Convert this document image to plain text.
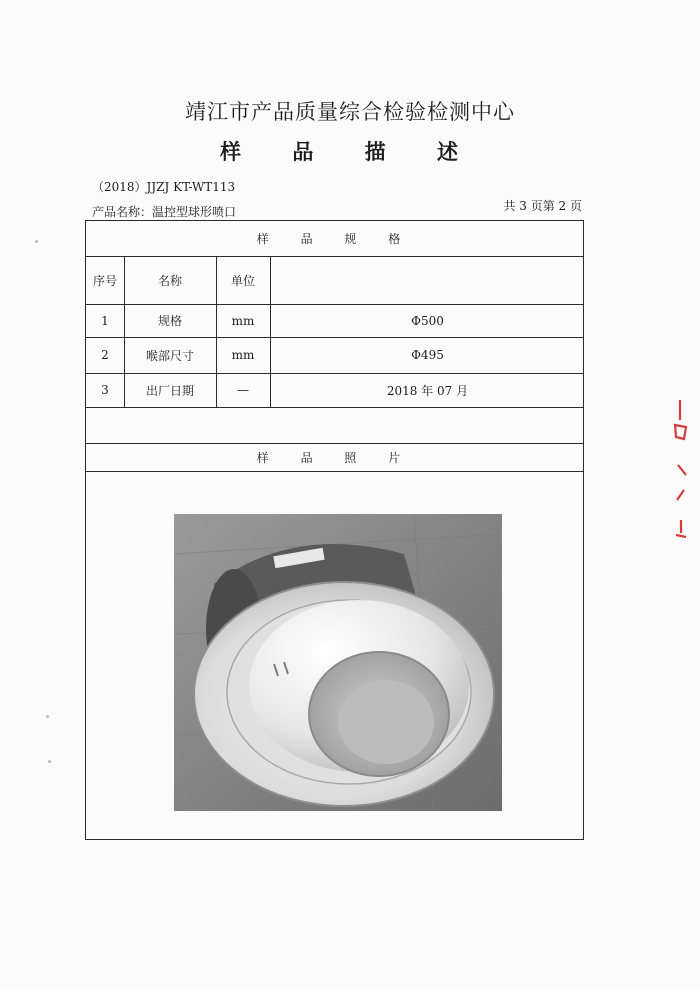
靖江市产品质量综合检验检测中心
样 品 描 述
（2018）JJZJ KT-WT113
产品名称：温控型球形喷口	共 3 页第 2 页
样 品 规 格
序号	名称	单位
1	规格	mm	Φ500
2	喉部尺寸	mm	Φ495
3	出厂日期	—	2018 年 07 月
样 品 照 片
